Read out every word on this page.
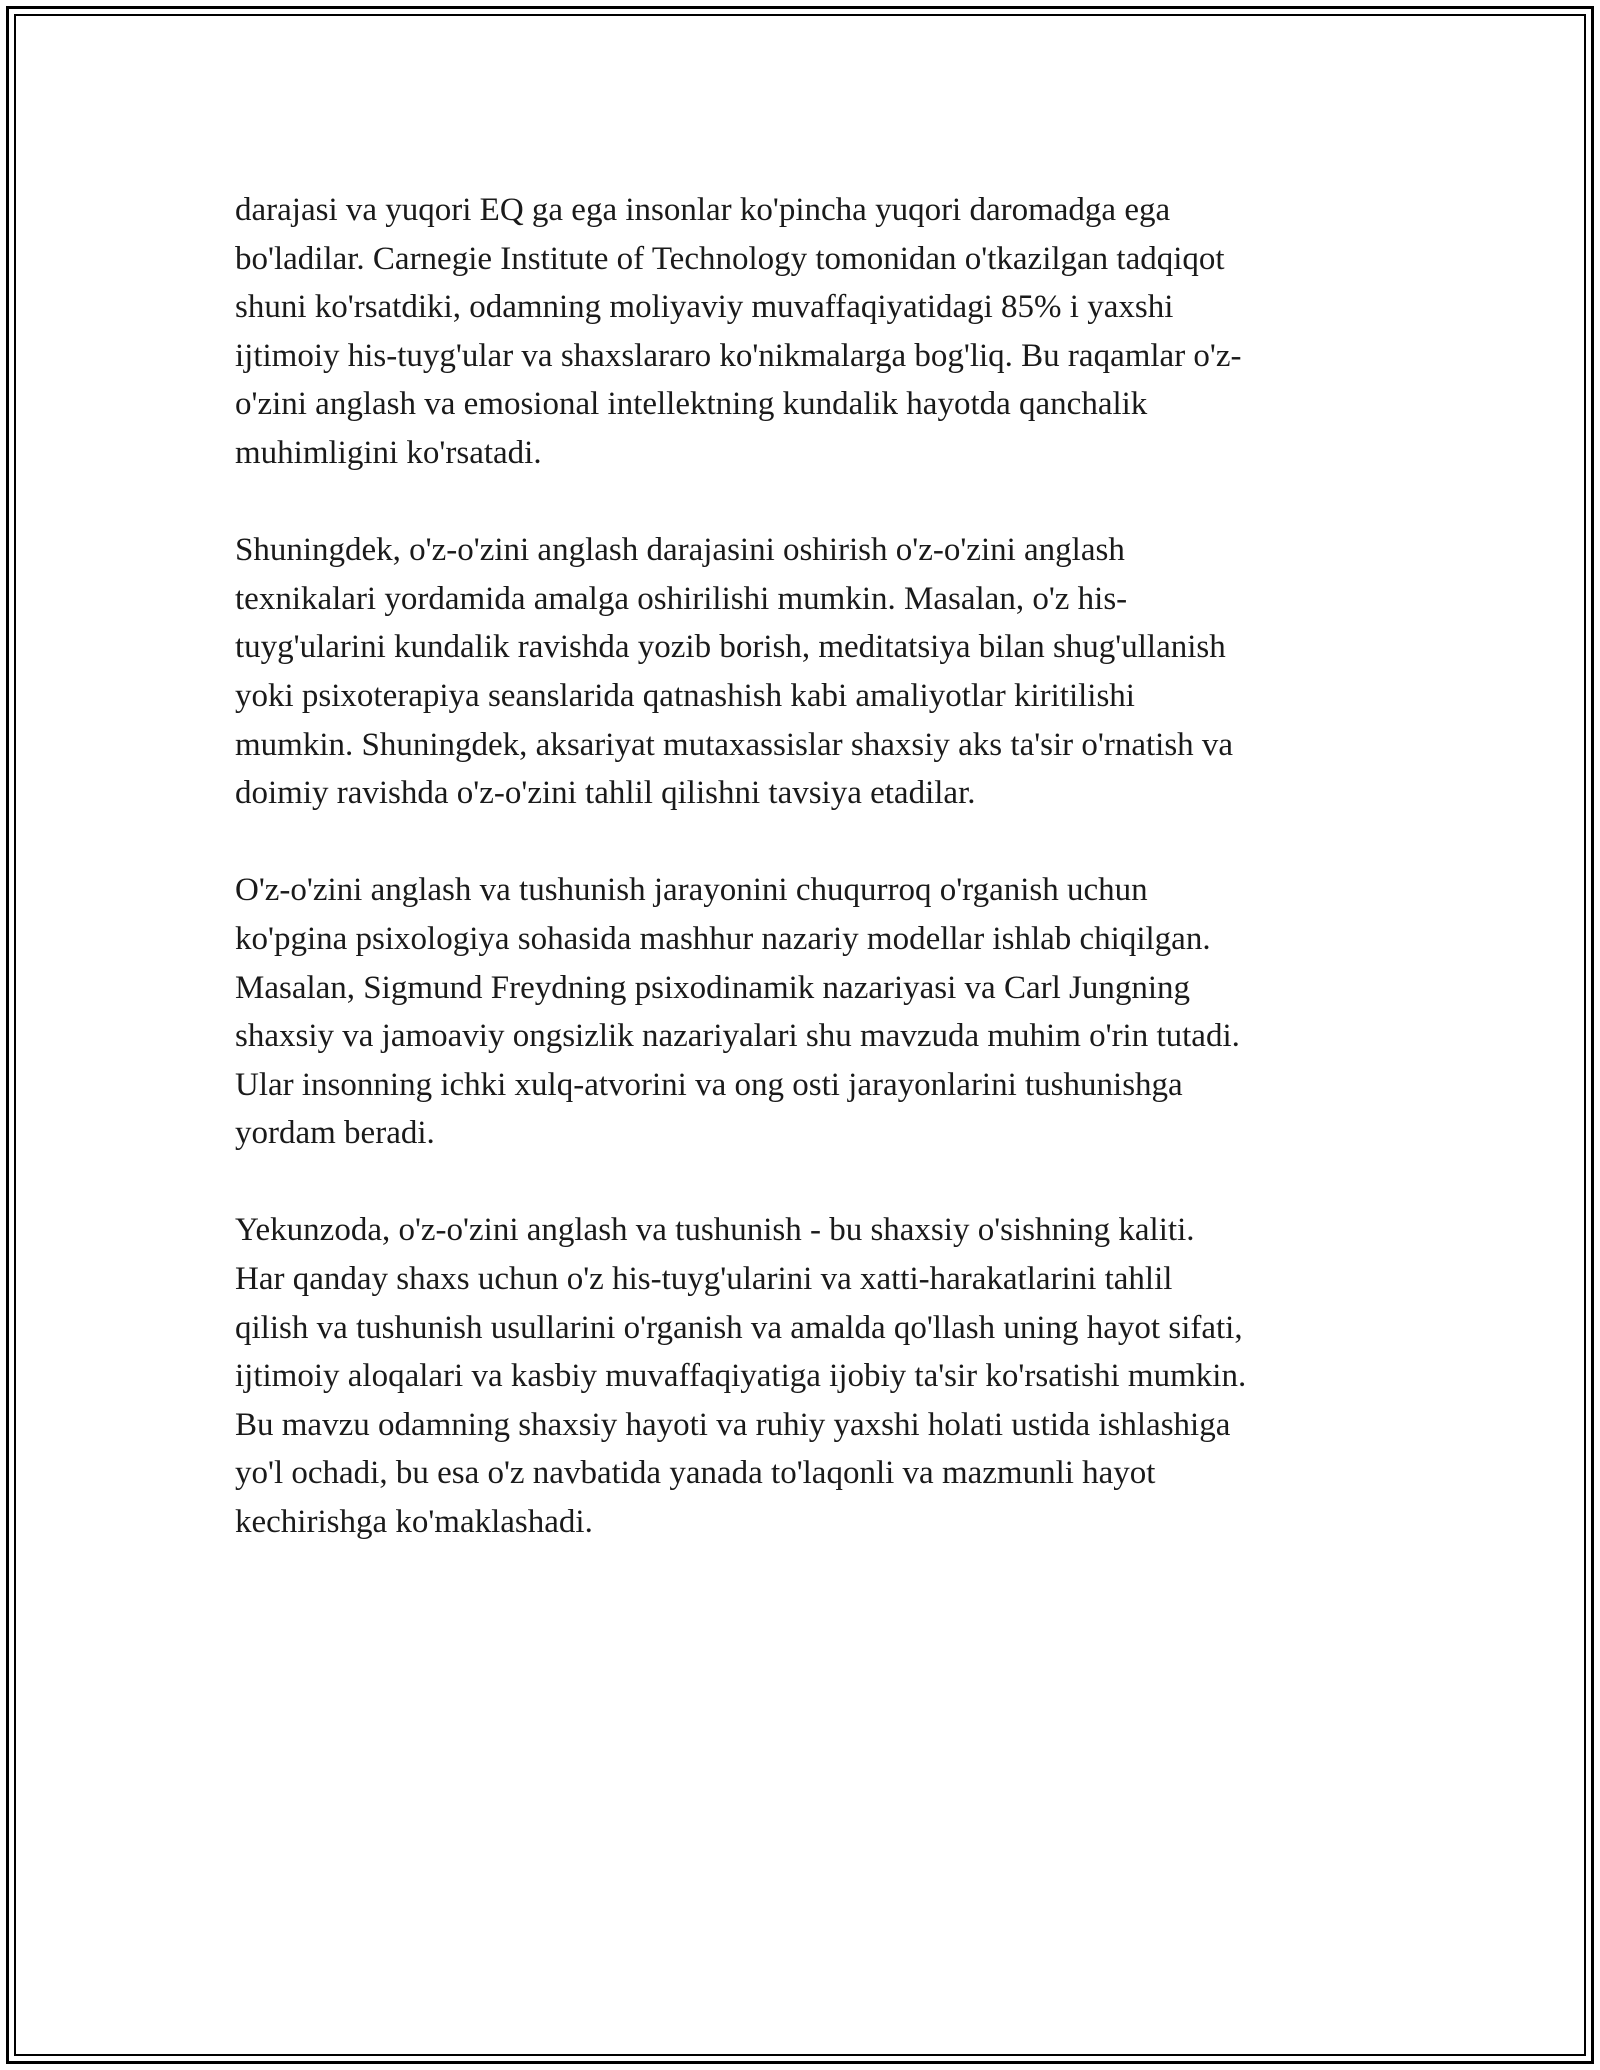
darajasi va yuqori EQ ga ega insonlar ko'pincha yuqori daromadga ega
bo'ladilar. Carnegie Institute of Technology tomonidan o'tkazilgan tadqiqot
shuni ko'rsatdiki, odamning moliyaviy muvaffaqiyatidagi 85% i yaxshi
ijtimoiy his-tuyg'ular va shaxslararo ko'nikmalarga bog'liq. Bu raqamlar o'z-
o'zini anglash va emosional intellektning kundalik hayotda qanchalik
muhimligini ko'rsatadi.

Shuningdek, o'z-o'zini anglash darajasini oshirish o'z-o'zini anglash
texnikalari yordamida amalga oshirilishi mumkin. Masalan, o'z his-
tuyg'ularini kundalik ravishda yozib borish, meditatsiya bilan shug'ullanish
yoki psixoterapiya seanslarida qatnashish kabi amaliyotlar kiritilishi
mumkin. Shuningdek, aksariyat mutaxassislar shaxsiy aks ta'sir o'rnatish va
doimiy ravishda o'z-o'zini tahlil qilishni tavsiya etadilar.

O'z-o'zini anglash va tushunish jarayonini chuqurroq o'rganish uchun
ko'pgina psixologiya sohasida mashhur nazariy modellar ishlab chiqilgan.
Masalan, Sigmund Freydning psixodinamik nazariyasi va Carl Jungning
shaxsiy va jamoaviy ongsizlik nazariyalari shu mavzuda muhim o'rin tutadi.
Ular insonning ichki xulq-atvorini va ong osti jarayonlarini tushunishga
yordam beradi.

Yekunzoda, o'z-o'zini anglash va tushunish - bu shaxsiy o'sishning kaliti.
Har qanday shaxs uchun o'z his-tuyg'ularini va xatti-harakatlarini tahlil
qilish va tushunish usullarini o'rganish va amalda qo'llash uning hayot sifati,
ijtimoiy aloqalari va kasbiy muvaffaqiyatiga ijobiy ta'sir ko'rsatishi mumkin.
Bu mavzu odamning shaxsiy hayoti va ruhiy yaxshi holati ustida ishlashiga
yo'l ochadi, bu esa o'z navbatida yanada to'laqonli va mazmunli hayot
kechirishga ko'maklashadi.
